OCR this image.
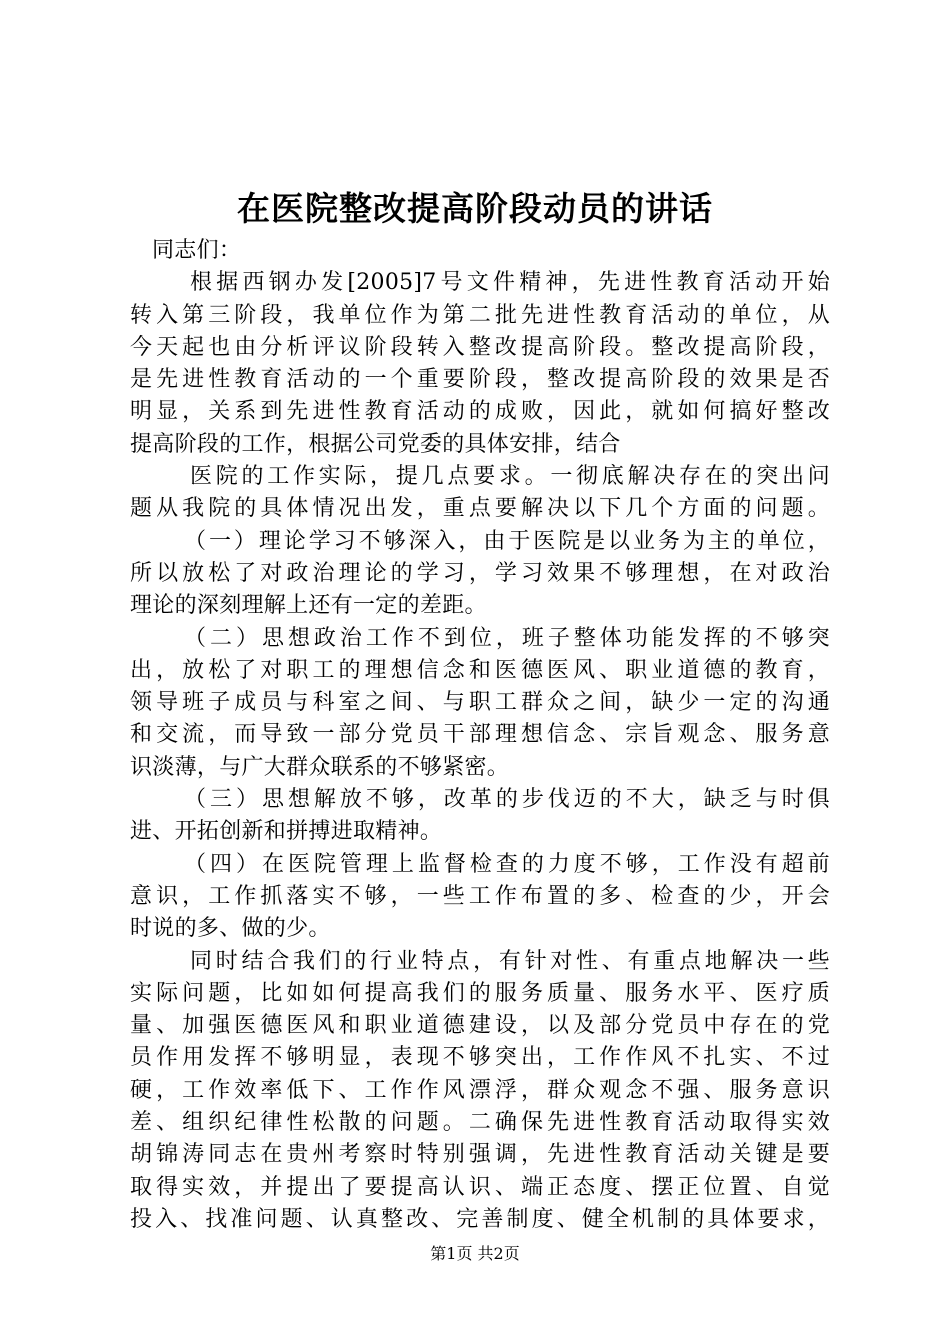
在医院整改提高阶段动员的讲话
同志们：
根据西钢办发[2005]7号文件精神，先进性教育活动开始
转入第三阶段，我单位作为第二批先进性教育活动的单位，从
今天起也由分析评议阶段转入整改提高阶段。整改提高阶段，
是先进性教育活动的一个重要阶段，整改提高阶段的效果是否
明显，关系到先进性教育活动的成败，因此，就如何搞好整改
提高阶段的工作，根据公司党委的具体安排，结合
医院的工作实际，提几点要求。一彻底解决存在的突出问
题从我院的具体情况出发，重点要解决以下几个方面的问题。
（一）理论学习不够深入，由于医院是以业务为主的单位，
所以放松了对政治理论的学习，学习效果不够理想，在对政治
理论的深刻理解上还有一定的差距。
（二）思想政治工作不到位，班子整体功能发挥的不够突
出，放松了对职工的理想信念和医德医风、职业道德的教育，
领导班子成员与科室之间、与职工群众之间，缺少一定的沟通
和交流，而导致一部分党员干部理想信念、宗旨观念、服务意
识淡薄，与广大群众联系的不够紧密。
（三）思想解放不够，改革的步伐迈的不大，缺乏与时俱
进、开拓创新和拼搏进取精神。
（四）在医院管理上监督检查的力度不够，工作没有超前
意识，工作抓落实不够，一些工作布置的多、检查的少，开会
时说的多、做的少。
同时结合我们的行业特点，有针对性、有重点地解决一些
实际问题，比如如何提高我们的服务质量、服务水平、医疗质
量、加强医德医风和职业道德建设，以及部分党员中存在的党
员作用发挥不够明显，表现不够突出，工作作风不扎实、不过
硬，工作效率低下、工作作风漂浮，群众观念不强、服务意识
差、组织纪律性松散的问题。二确保先进性教育活动取得实效
胡锦涛同志在贵州考察时特别强调，先进性教育活动关键是要
取得实效，并提出了要提高认识、端正态度、摆正位置、自觉
投入、找准问题、认真整改、完善制度、健全机制的具体要求，
第1页 共2页
